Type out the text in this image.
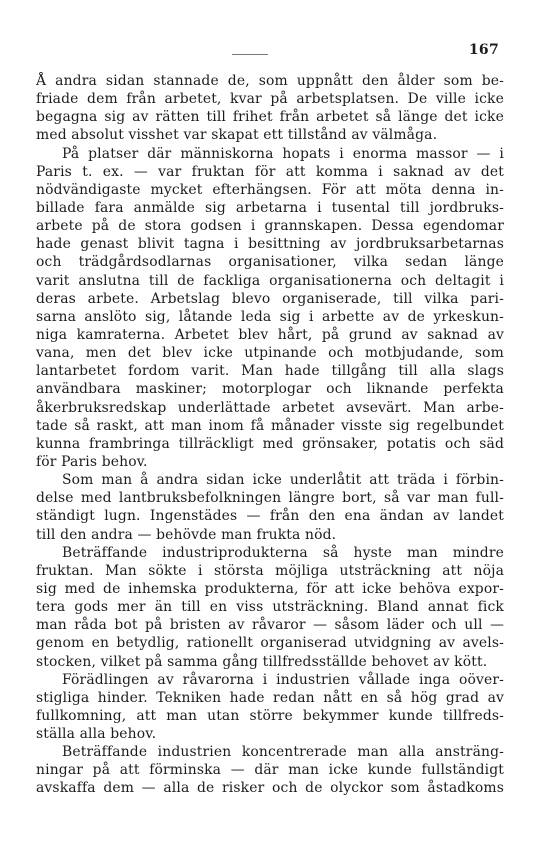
167
Å andra sidan stannade de, som uppnått den ålder som be-
friade dem från arbetet, kvar på arbetsplatsen. De ville icke
begagna sig av rätten till frihet från arbetet så länge det icke
med absolut visshet var skapat ett tillstånd av välmåga.
På platser där människorna hopats i enorma massor — i
Paris t. ex. — var fruktan för att komma i saknad av det
nödvändigaste mycket efterhängsen. För att möta denna in-
billade fara anmälde sig arbetarna i tusental till jordbruks-
arbete på de stora godsen i grannskapen. Dessa egendomar
hade genast blivit tagna i besittning av jordbruksarbetarnas
och trädgårdsodlarnas organisationer, vilka sedan länge
varit anslutna till de fackliga organisationerna och deltagit i
deras arbete. Arbetslag blevo organiserade, till vilka pari-
sarna anslöto sig, låtande leda sig i arbette av de yrkeskun-
niga kamraterna. Arbetet blev hårt, på grund av saknad av
vana, men det blev icke utpinande och motbjudande, som
lantarbetet fordom varit. Man hade tillgång till alla slags
användbara maskiner; motorplogar och liknande perfekta
åkerbruksredskap underlättade arbetet avsevärt. Man arbe-
tade så raskt, att man inom få månader visste sig regelbundet
kunna frambringa tillräckligt med grönsaker, potatis och säd
för Paris behov.
Som man å andra sidan icke underlåtit att träda i förbin-
delse med lantbruksbefolkningen längre bort, så var man full-
ständigt lugn. Ingenstädes — från den ena ändan av landet
till den andra — behövde man frukta nöd.
Beträffande industriprodukterna så hyste man mindre
fruktan. Man sökte i största möjliga utsträckning att nöja
sig med de inhemska produkterna, för att icke behöva expor-
tera gods mer än till en viss utsträckning. Bland annat fick
man råda bot på bristen av råvaror — såsom läder och ull —
genom en betydlig, rationellt organiserad utvidgning av avels-
stocken, vilket på samma gång tillfredsställde behovet av kött.
Förädlingen av råvarorna i industrien vållade inga oöver-
stigliga hinder. Tekniken hade redan nått en så hög grad av
fullkomning, att man utan större bekymmer kunde tillfreds-
ställa alla behov.
Beträffande industrien koncentrerade man alla ansträng-
ningar på att förminska — där man icke kunde fullständigt
avskaffa dem — alla de risker och de olyckor som åstadkoms
